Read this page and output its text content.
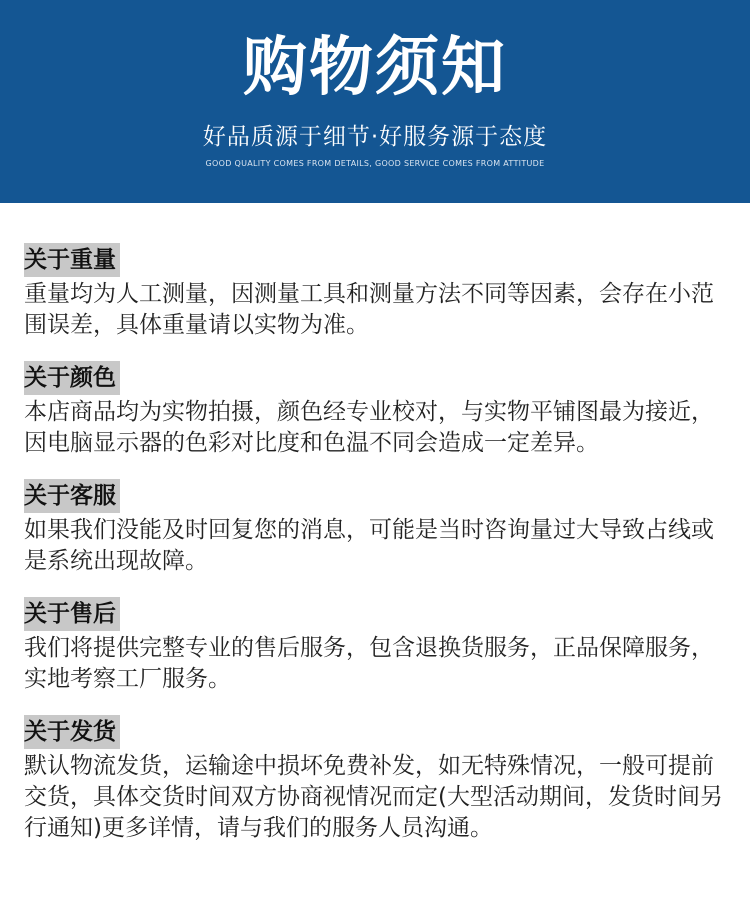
购物须知
好品质源于细节·好服务源于态度
GOOD QUALITY COMES FROM DETAILS, GOOD SERVICE COMES FROM ATTITUDE
关于重量

重量均为人工测量，因测量工具和测量方法不同等因素，会存在小范围误差，具体重量请以实物为准。

关于颜色

本店商品均为实物拍摄，颜色经专业校对，与实物平铺图最为接近，因电脑显示器的色彩对比度和色温不同会造成一定差异。

关于客服

如果我们没能及时回复您的消息，可能是当时咨询量过大导致占线或是系统出现故障。

关于售后

我们将提供完整专业的售后服务，包含退换货服务，正品保障服务，实地考察工厂服务。

关于发货

默认物流发货，运输途中损坏免费补发，如无特殊情况，一般可提前交货，具体交货时间双方协商视情况而定(大型活动期间，发货时间另行通知)更多详情，请与我们的服务人员沟通。
